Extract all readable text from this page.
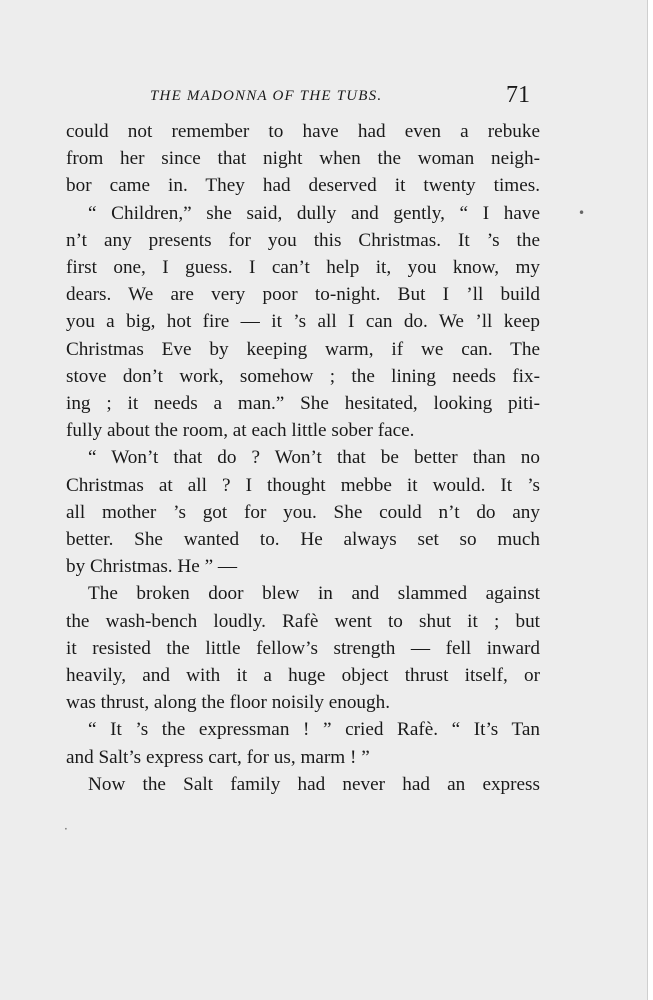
THE MADONNA OF THE TUBS.	71

could not remember to have had even a rebuke
from her since that night when the woman neigh-
bor came in. They had deserved it twenty times.

“ Children,” she said, dully and gently, “ I have
n’t any presents for you this Christmas. It ’s the
first one, I guess. I can’t help it, you know, my
dears. We are very poor to-night. But I ’ll build
you a big, hot fire — it ’s all I can do. We ’ll keep
Christmas Eve by keeping warm, if we can. The
stove don’t work, somehow ; the lining needs fix-
ing ; it needs a man.” She hesitated, looking piti-
fully about the room, at each little sober face.

“ Won’t that do ? Won’t that be better than no
Christmas at all ? I thought mebbe it would. It ’s
all mother ’s got for you. She could n’t do any
better. She wanted to. He always set so much
by Christmas. He ” —

The broken door blew in and slammed against
the wash-bench loudly. Rafè went to shut it ; but
it resisted the little fellow’s strength — fell inward
heavily, and with it a huge object thrust itself, or
was thrust, along the floor noisily enough.

“ It ’s the expressman ! ” cried Rafè. “ It’s Tan
and Salt’s express cart, for us, marm ! ”

Now the Salt family had never had an express

•
·
